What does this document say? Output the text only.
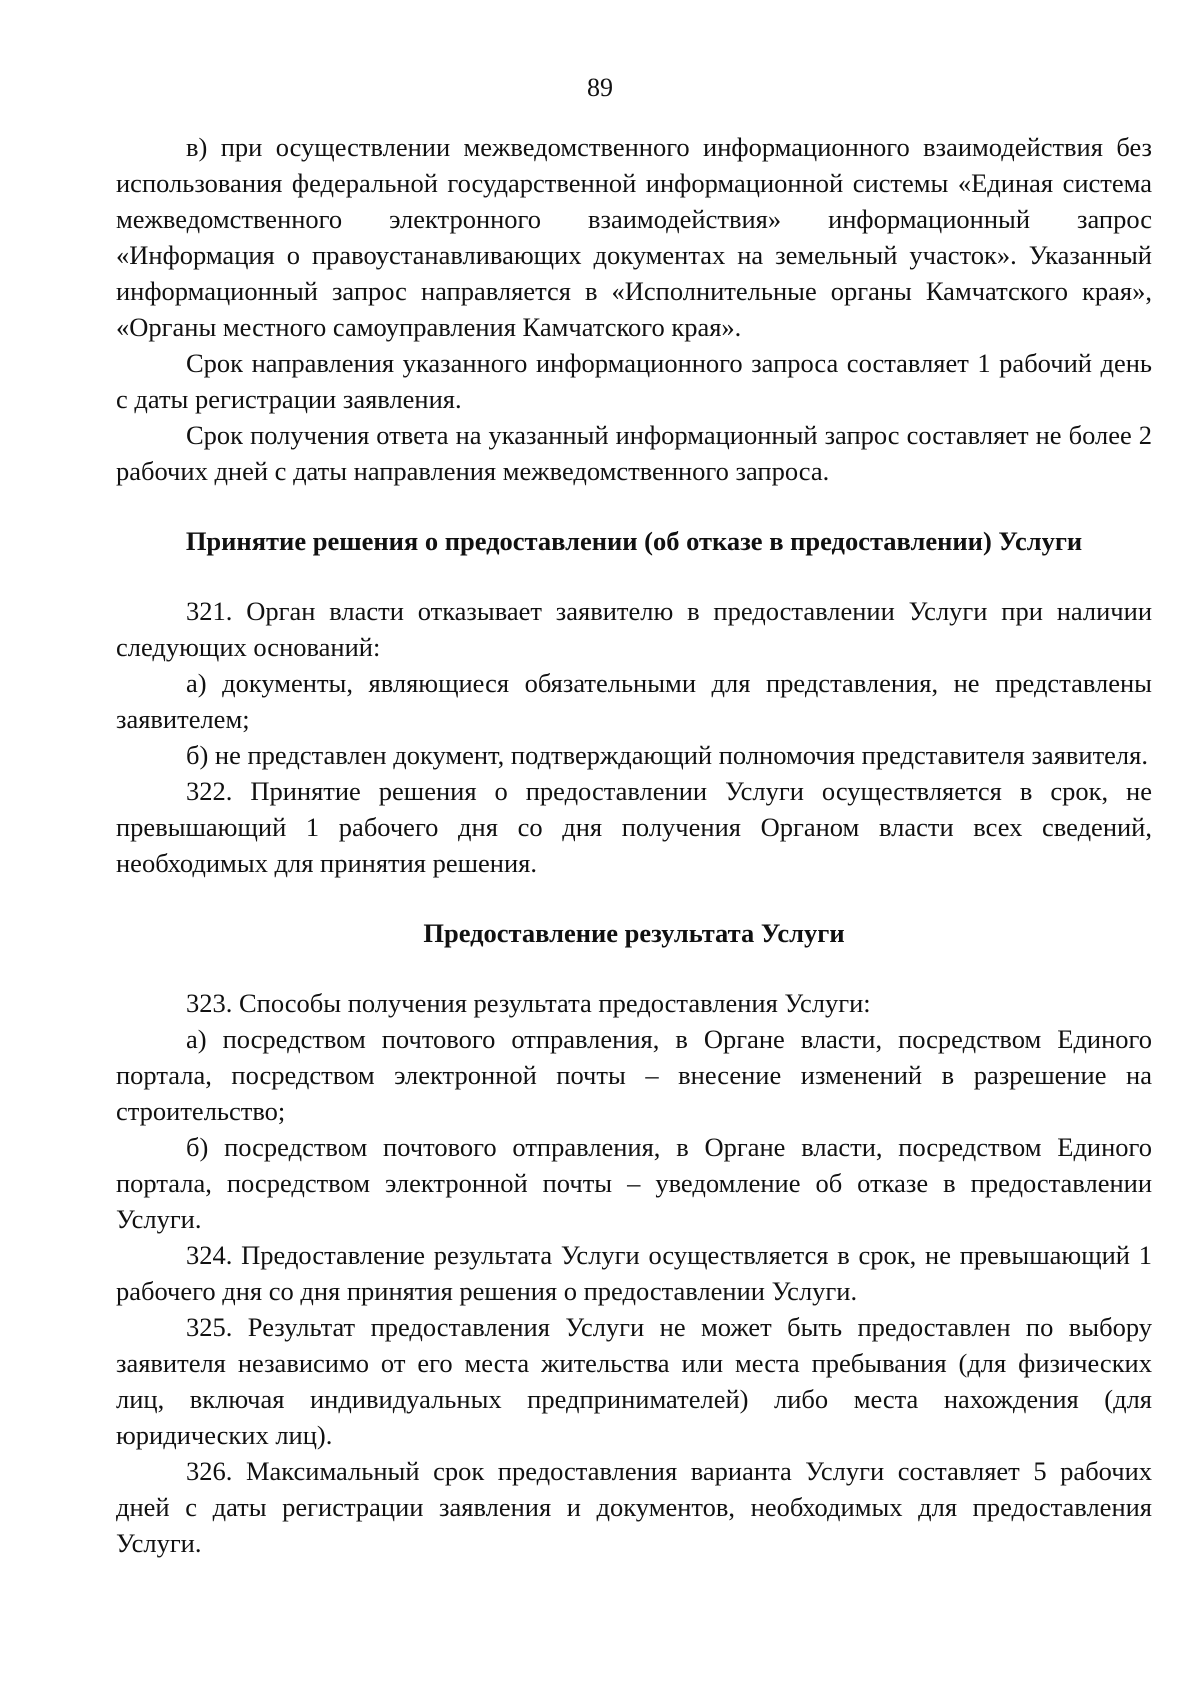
89

в) при осуществлении межведомственного информационного взаимодействия без использования федеральной государственной информационной системы «Единая система межведомственного электронного взаимодействия» информационный запрос «Информация о правоустанавливающих документах на земельный участок». Указанный информационный запрос направляется в «Исполнительные органы Камчатского края», «Органы местного самоуправления Камчатского края».

Срок направления указанного информационного запроса составляет 1 рабочий день с даты регистрации заявления.

Срок получения ответа на указанный информационный запрос составляет не более 2 рабочих дней с даты направления межведомственного запроса.

Принятие решения о предоставлении (об отказе в предоставлении) Услуги

321. Орган власти отказывает заявителю в предоставлении Услуги при наличии следующих оснований:

а) документы, являющиеся обязательными для представления, не представлены заявителем;

б) не представлен документ, подтверждающий полномочия представителя заявителя.

322. Принятие решения о предоставлении Услуги осуществляется в срок, не превышающий 1 рабочего дня со дня получения Органом власти всех сведений, необходимых для принятия решения.

Предоставление результата Услуги

323. Способы получения результата предоставления Услуги:

а) посредством почтового отправления, в Органе власти, посредством Единого портала, посредством электронной почты – внесение изменений в разрешение на строительство;

б) посредством почтового отправления, в Органе власти, посредством Единого портала, посредством электронной почты – уведомление об отказе в предоставлении Услуги.

324. Предоставление результата Услуги осуществляется в срок, не превышающий 1 рабочего дня со дня принятия решения о предоставлении Услуги.

325. Результат предоставления Услуги не может быть предоставлен по выбору заявителя независимо от его места жительства или места пребывания (для физических лиц, включая индивидуальных предпринимателей) либо места нахождения (для юридических лиц).

326. Максимальный срок предоставления варианта Услуги составляет 5 рабочих дней с даты регистрации заявления и документов, необходимых для предоставления Услуги.
